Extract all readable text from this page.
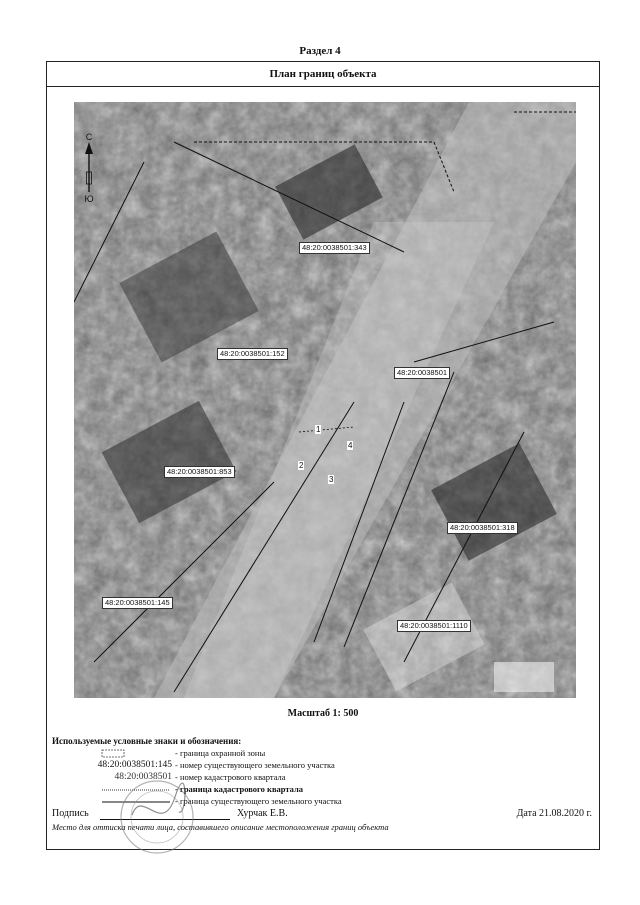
Раздел 4
План границ объекта
С
Ю
48:20:0038501:343
48:20:0038501:152
48:20:0038501
48:20:0038501:853
48:20:0038501:318
48:20:0038501:145
48:20:0038501:1110
1
4
2
3
Масштаб 1: 500
Используемые условные знаки и обозначения:
- граница охранной зоны
48:20:0038501:145 - номер существующего земельного участка
48:20:0038501 - номер кадастрового квартала
- граница кадастрового квартала
- граница существующего земельного участка
Подпись	Хурчак Е.В.	Дата 21.08.2020 г.
Место для оттиска печати лица, составившего описание местоположения границ объекта
